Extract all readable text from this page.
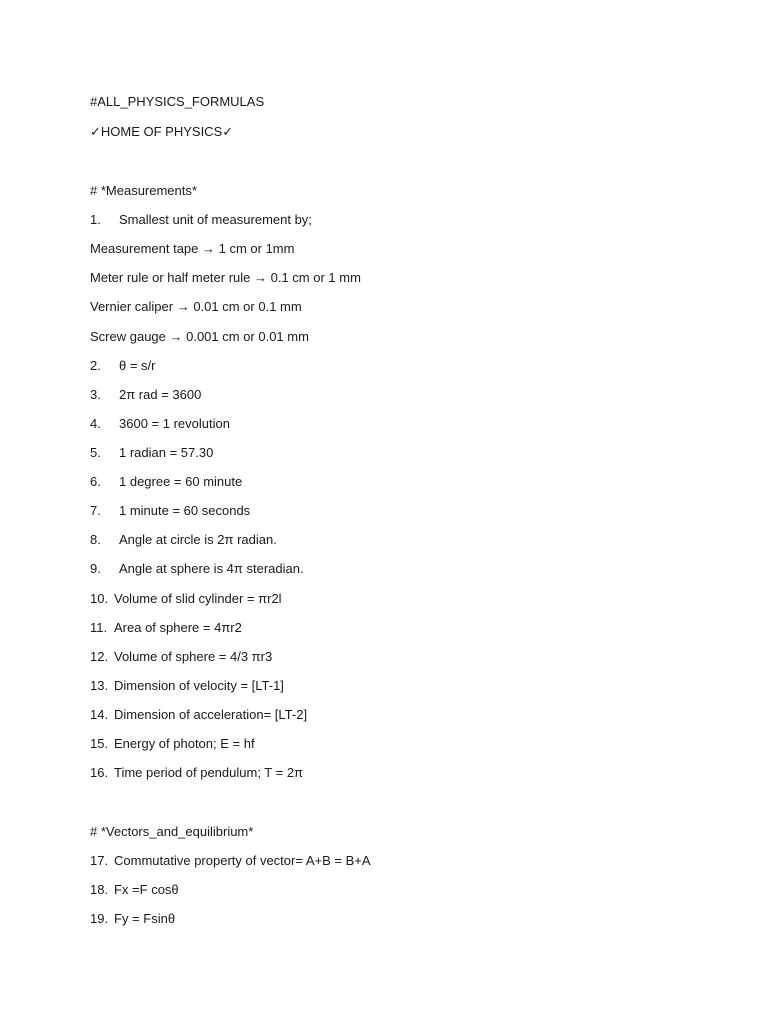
#ALL_PHYSICS_FORMULAS
✓HOME OF PHYSICS✓
# *Measurements*
1. Smallest unit of measurement by;
Measurement tape → 1 cm or 1mm
Meter rule or half meter rule → 0.1 cm or 1 mm
Vernier caliper → 0.01 cm or 0.1 mm
Screw gauge → 0.001 cm or 0.01 mm
2. θ = s/r
3. 2π rad = 3600
4. 3600 = 1 revolution
5. 1 radian = 57.30
6. 1 degree = 60 minute
7. 1 minute = 60 seconds
8. Angle at circle is 2π radian.
9. Angle at sphere is 4π steradian.
10. Volume of slid cylinder = πr2l
11. Area of sphere = 4πr2
12. Volume of sphere = 4/3 πr3
13. Dimension of velocity = [LT-1]
14. Dimension of acceleration= [LT-2]
15. Energy of photon; E = hf
16. Time period of pendulum; T = 2π
# *Vectors_and_equilibrium*
17. Commutative property of vector= A+B = B+A
18. Fx =F cosθ
19. Fy = Fsinθ
